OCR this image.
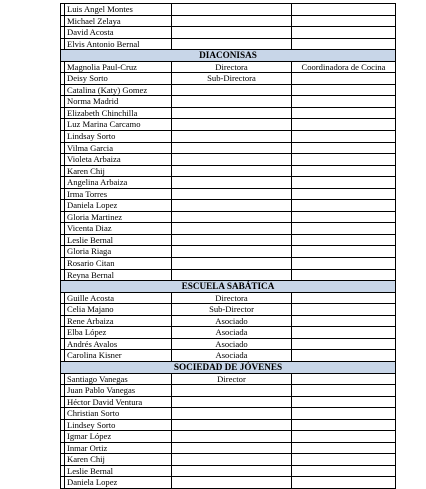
	Luis Angel Montes		
	Michael Zelaya		
	David Acosta		
	Elvis Antonio Bernal		
DIACONISAS			
	Magnolia Paul-Cruz	Directora	Coordinadora de Cocina
	Deisy Sorto	Sub-Directora	
	Catalina (Katy) Gomez		
	Norma Madrid		
	Elizabeth Chinchilla		
	Luz Marina Carcamo		
	Lindsay Sorto		
	Vilma Garcia		
	Violeta Arbaiza		
	Karen Chij		
	Angelina Arbaiza		
	Irma Torres		
	Daniela Lopez		
	Gloria Martinez		
	Vicenta Diaz		
	Leslie Bernal		
	Gloria Riaga		
	Rosario Citan		
	Reyna Bernal		
ESCUELA SABÁTICA			
	Guille Acosta	Directora	
	Celia Majano	Sub-Director	
	Rene Arbaiza	Asociado	
	Elba López	Asociada	
	Andrés Avalos	Asociado	
	Carolina Kisner	Asociada	
SOCIEDAD DE JÓVENES			
	Santiago Vanegas	Director	
	Juan Pablo Vanegas		
	Héctor David Ventura		
	Christian Sorto		
	Lindsey Sorto		
	Igmar López		
	Inmar Ortiz		
	Karen Chij		
	Leslie Bernal		
	Daniela Lopez		
